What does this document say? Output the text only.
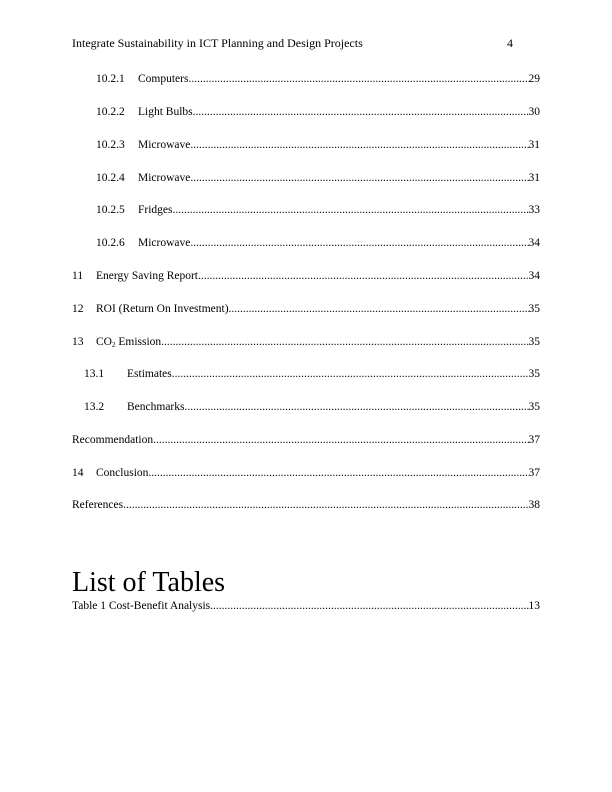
Integrate Sustainability in ICT Planning and Design Projects	4
10.2.1 Computers .....	29
10.2.2 Light Bulbs .....	30
10.2.3 Microwave .....	31
10.2.4 Microwave .....	31
10.2.5 Fridges .....	33
10.2.6 Microwave .....	34
11 Energy Saving Report .....	34
12 ROI (Return On Investment) .....	35
13 $CO_2$ Emission .....	35
13.1 Estimates .....	35
13.2 Benchmarks .....	35
Recommendation .....	37
14 Conclusion .....	37
References .....	38
List of Tables
Table 1 Cost-Benefit Analysis .....	13
